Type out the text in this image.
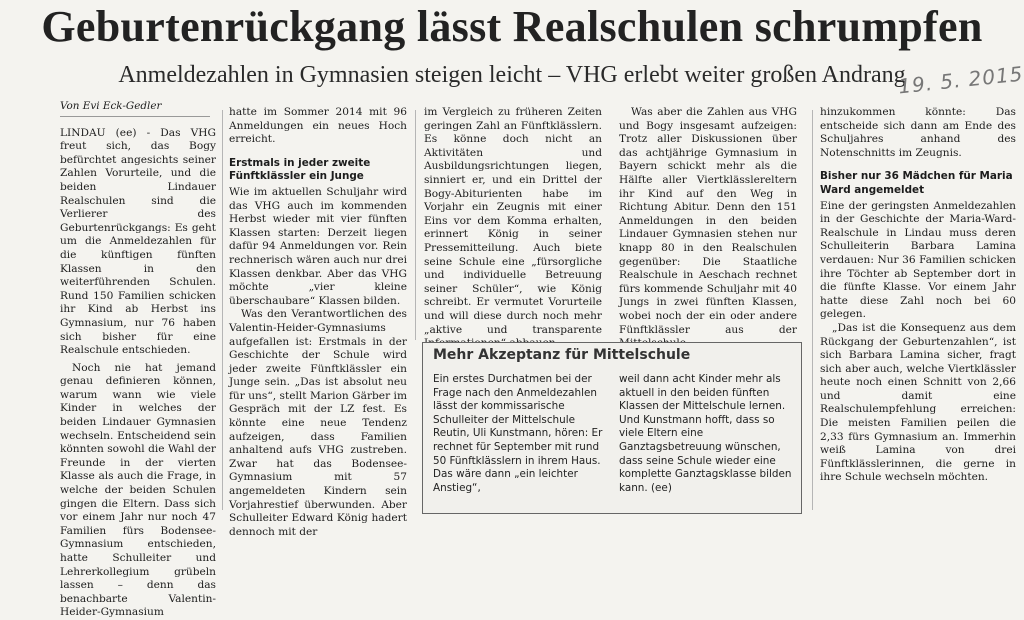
Geburtenrückgang lässt Realschulen schrumpfen
Anmeldezahlen in Gymnasien steigen leicht – VHG erlebt weiter großen Andrang
19. 5. 2015
Von Evi Eck-Gedler

LINDAU (ee) - Das VHG freut sich, das Bogy befürchtet angesichts seiner Zahlen Vorurteile, und die beiden Lindauer Realschulen sind die Verlierer des Geburtenrückgangs: Es geht um die Anmeldezahlen für die künftigen fünften Klassen in den weiterführenden Schulen. Rund 150 Familien schicken ihr Kind ab Herbst ins Gymnasium, nur 76 haben sich bisher für eine Realschule entschieden.

Noch nie hat jemand genau definieren können, warum wann wie viele Kinder in welches der beiden Lindauer Gymnasien wechseln. Entscheidend sein könnten sowohl die Wahl der Freunde in der vierten Klasse als auch die Frage, in welche der beiden Schulen gingen die Eltern. Dass sich vor einem Jahr nur noch 47 Familien fürs Bodensee-Gymnasium entschieden, hatte Schulleiter und Lehrerkollegium grübeln lassen – denn das benachbarte Valentin-Heider-Gymnasium

hatte im Sommer 2014 mit 96 Anmeldungen ein neues Hoch erreicht.

Erstmals in jeder zweite Fünftklässler ein Junge

Wie im aktuellen Schuljahr wird das VHG auch im kommenden Herbst wieder mit vier fünften Klassen starten: Derzeit liegen dafür 94 Anmeldungen vor. Rein rechnerisch wären auch nur drei Klassen denkbar. Aber das VHG möchte „vier kleine überschaubare“ Klassen bilden.

Was den Verantwortlichen des Valentin-Heider-Gymnasiums aufgefallen ist: Erstmals in der Geschichte der Schule wird jeder zweite Fünftklässler ein Junge sein. „Das ist absolut neu für uns“, stellt Marion Gärber im Gespräch mit der LZ fest. Es könnte eine neue Tendenz aufzeigen, dass Familien anhaltend aufs VHG zustreben. Zwar hat das Bodensee-Gymnasium mit 57 angemeldeten Kindern sein Vorjahrestief überwunden. Aber Schulleiter Edward König hadert dennoch mit der

im Vergleich zu früheren Zeiten geringen Zahl an Fünftklässlern. Es könne doch nicht an Aktivitäten und Ausbildungsrichtungen liegen, sinniert er, und ein Drittel der Bogy-Abiturienten habe im Vorjahr ein Zeugnis mit einer Eins vor dem Komma erhalten, erinnert König in seiner Pressemitteilung. Auch biete seine Schule eine „fürsorgliche und individuelle Betreuung seiner Schüler“, wie König schreibt. Er vermutet Vorurteile und will diese durch noch mehr „aktive und transparente

Was aber die Zahlen aus VHG und Bogy insgesamt aufzeigen: Trotz aller Diskussionen über das achtjährige Gymnasium in Bayern schickt mehr als die Hälfte aller Viertklässlereltern ihr Kind auf den Weg in Richtung Abitur. Denn den 151 Anmeldungen in den beiden Lindauer Gymnasien stehen nur knapp 80 in den Realschulen gegenüber: Die Staatliche Realschule in Aeschach rechnet fürs kommende Schuljahr mit 40 Jungs in zwei fünften Klassen, wobei noch der ein oder andere Fünftklässler aus der

hinzukommen könnte: Das entscheide sich dann am Ende des Schuljahres anhand des Notenschnitts im Zeugnis.

Bisher nur 36 Mädchen für Maria Ward angemeldet

Eine der geringsten Anmeldezahlen in der Geschichte der Maria-Ward-Realschule in Lindau muss deren Schulleiterin Barbara Lamina verdauen: Nur 36 Familien schicken ihre Töchter ab September dort in die fünfte Klasse. Vor einem Jahr hatte diese Zahl noch bei 60 gelegen.

„Das ist die Konsequenz aus dem Rückgang der Geburtenzahlen“, ist sich Barbara Lamina sicher, fragt sich aber auch, welche Viertklässler heute noch einen Schnitt von 2,66 und damit eine Realschulempfehlung erreichen: Die meisten Familien peilen die 2,33 fürs Gymnasium an. Immerhin weiß Lamina von drei Fünftklässlerinnen, die gerne in ihre Schule wechseln möchten.

Mehr Akzeptanz für Mittelschule
Ein erstes Durchatmen bei der Frage nach den Anmeldezahlen lässt der kommissarische Schulleiter der Mittelschule Reutin, Uli Kunstmann, hören: Er rechnet für September mit rund 50 Fünftklässlern in ihrem Haus. Das wäre dann „ein leichter Anstieg“,
weil dann acht Kinder mehr als aktuell in den beiden fünften Klassen der Mittelschule lernen. Und Kunstmann hofft, dass so viele Eltern eine Ganztagsbetreuung wünschen, dass seine Schule wieder eine komplette Ganztagsklasse bilden kann. (ee)
